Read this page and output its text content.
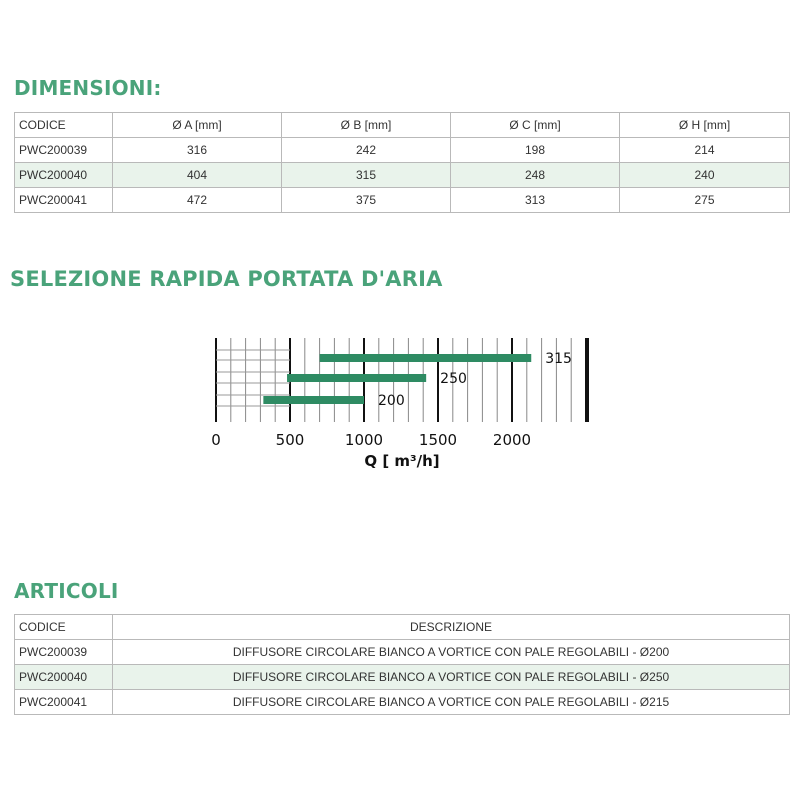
DIMENSIONI:
CODICE	Ø A [mm]	Ø B [mm]	Ø C [mm]	Ø H [mm]
PWC200039	316	242	198	214
PWC200040	404	315	248	240
PWC200041	472	375	313	275
SELEZIONE RAPIDA PORTATA D'ARIA
315
250
200
0	500	1000 1500 2000
Q [ m³/h]
ARTICOLI
CODICE	DESCRIZIONE
PWC200039	DIFFUSORE CIRCOLARE BIANCO A VORTICE CON PALE REGOLABILI - Ø200
PWC200040	DIFFUSORE CIRCOLARE BIANCO A VORTICE CON PALE REGOLABILI - Ø250
PWC200041	DIFFUSORE CIRCOLARE BIANCO A VORTICE CON PALE REGOLABILI - Ø215
